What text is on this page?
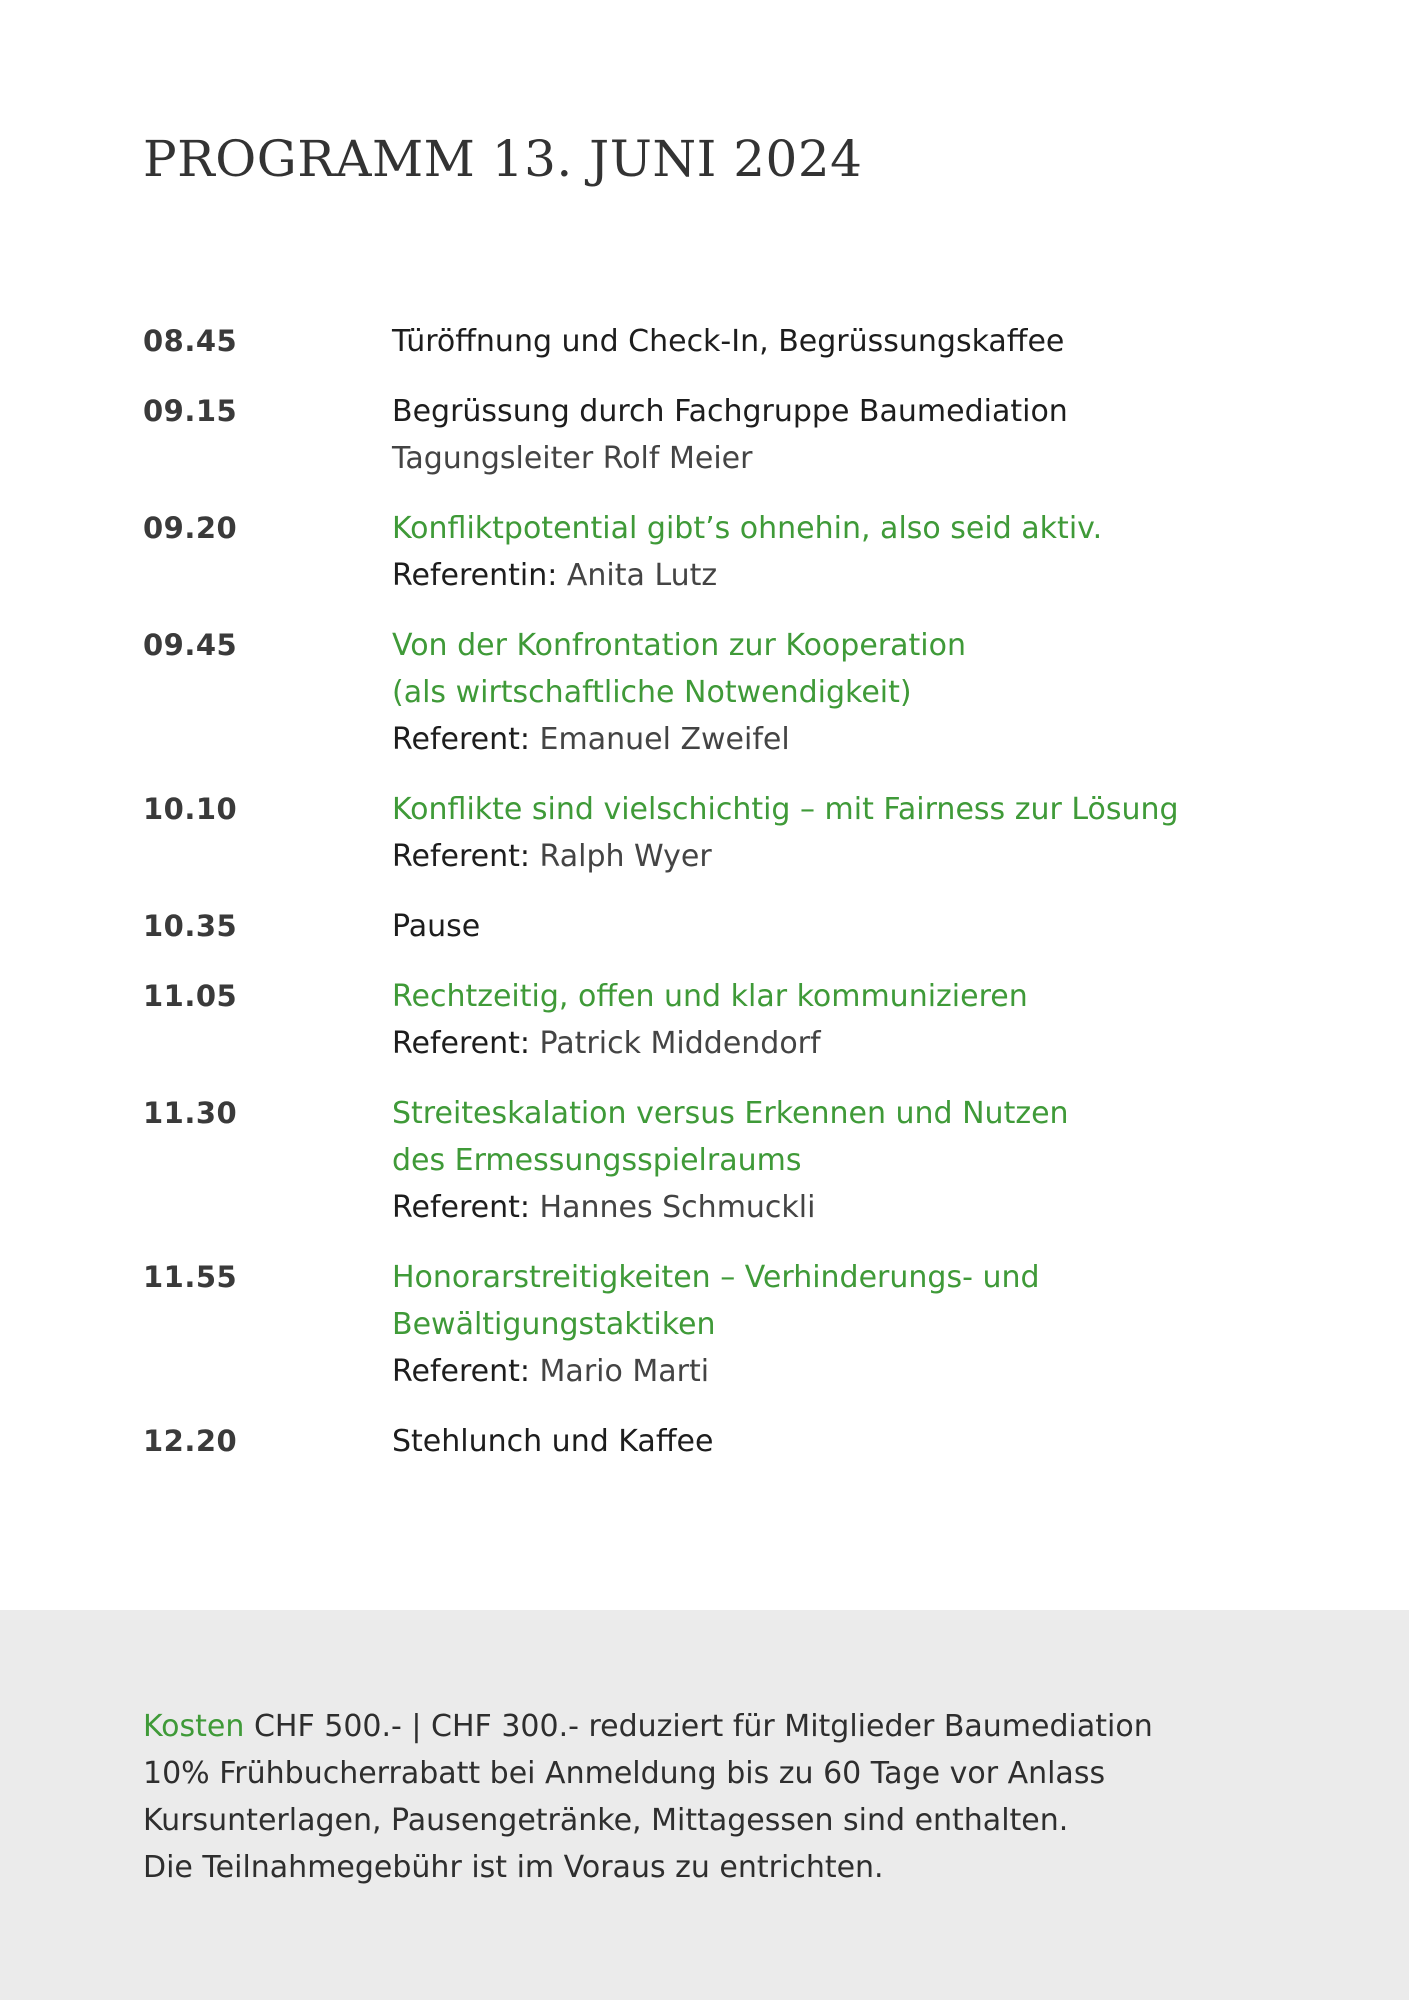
PROGRAMM 13. JUNI 2024
08.45	Türöffnung und Check-In, Begrüssungskaffee
09.15	Begrüssung durch Fachgruppe Baumediation
Tagungsleiter Rolf Meier
09.20	Konfliktpotential gibt’s ohnehin, also seid aktiv.
Referentin: Anita Lutz
09.45	Von der Konfrontation zur Kooperation
(als wirtschaftliche Notwendigkeit)
Referent: Emanuel Zweifel
10.10	Konflikte sind vielschichtig – mit Fairness zur Lösung
Referent: Ralph Wyer
10.35	Pause
11.05	Rechtzeitig, offen und klar kommunizieren
Referent: Patrick Middendorf
11.30	Streiteskalation versus Erkennen und Nutzen
des Ermessungsspielraums
Referent: Hannes Schmuckli
11.55	Honorarstreitigkeiten – Verhinderungs- und
Bewältigungstaktiken
Referent: Mario Marti
12.20	Stehlunch und Kaffee
Kosten CHF 500.- | CHF 300.- reduziert für Mitglieder Baumediation
10% Frühbucherrabatt bei Anmeldung bis zu 60 Tage vor Anlass
Kursunterlagen, Pausengetränke, Mittagessen sind enthalten.
Die Teilnahmegebühr ist im Voraus zu entrichten.
